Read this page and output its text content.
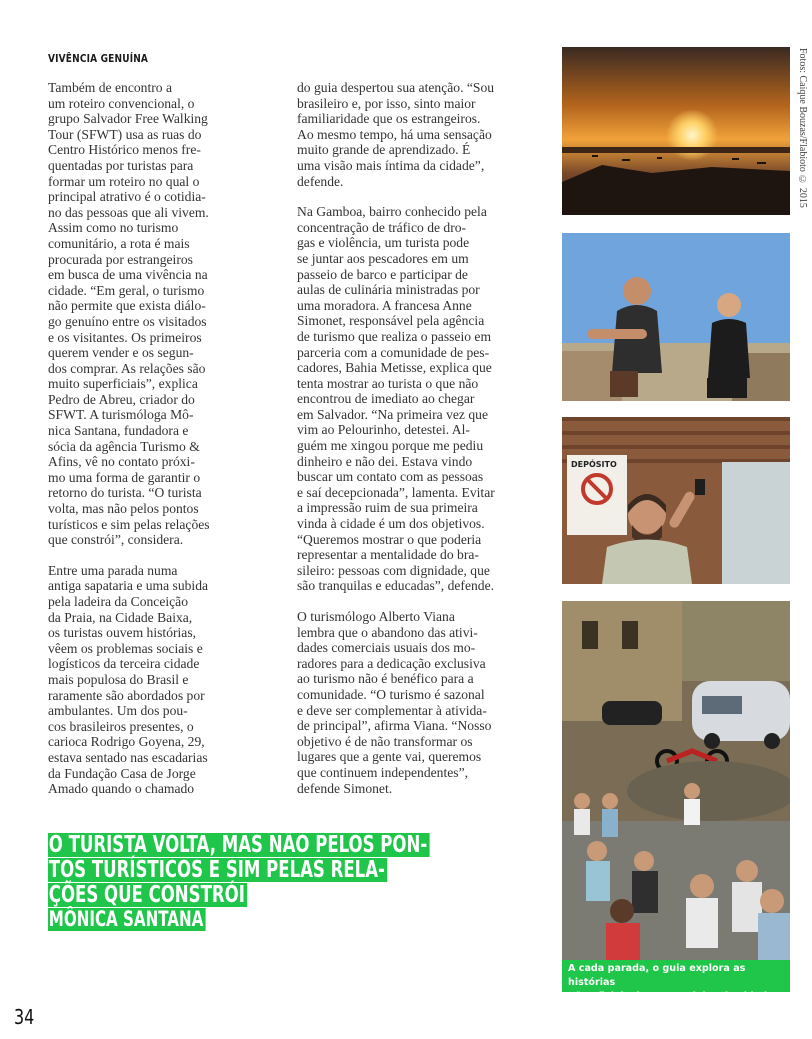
VIVÊNCIA GENUÍNA

Também de encontro a
um roteiro convencional, o
grupo Salvador Free Walking
Tour (SFWT) usa as ruas do
Centro Histórico menos fre-
quentadas por turistas para
formar um roteiro no qual o
principal atrativo é o cotidia-
no das pessoas que ali vivem.
Assim como no turismo
comunitário, a rota é mais
procurada por estrangeiros
em busca de uma vivência na
cidade. “Em geral, o turismo
não permite que exista diálo-
go genuíno entre os visitados
e os visitantes. Os primeiros
querem vender e os segun-
dos comprar. As relações são
muito superficiais”, explica
Pedro de Abreu, criador do
SFWT. A turismóloga Mô-
nica Santana, fundadora e
sócia da agência Turismo &
Afins, vê no contato próxi-
mo uma forma de garantir o
retorno do turista. “O turista
volta, mas não pelos pontos
turísticos e sim pelas relações
que constrói”, considera.

Entre uma parada numa
antiga sapataria e uma subida
pela ladeira da Conceição
da Praia, na Cidade Baixa,
os turistas ouvem histórias,
vêem os problemas sociais e
logísticos da terceira cidade
mais populosa do Brasil e
raramente são abordados por
ambulantes. Um dos pou-
cos brasileiros presentes, o
carioca Rodrigo Goyena, 29,
estava sentado nas escadarias
da Fundação Casa de Jorge
Amado quando o chamado

do guia despertou sua atenção. “Sou
brasileiro e, por isso, sinto maior
familiaridade que os estrangeiros.
Ao mesmo tempo, há uma sensação
muito grande de aprendizado. É
uma visão mais íntima da cidade”,
defende.

Na Gamboa, bairro conhecido pela
concentração de tráfico de dro-
gas e violência, um turista pode
se juntar aos pescadores em um
passeio de barco e participar de
aulas de culinária ministradas por
uma moradora. A francesa Anne
Simonet, responsável pela agência
de turismo que realiza o passeio em
parceria com a comunidade de pes-
cadores, Bahia Metisse, explica que
tenta mostrar ao turista o que não
encontrou de imediato ao chegar
em Salvador. “Na primeira vez que
vim ao Pelourinho, detestei. Al-
guém me xingou porque me pediu
dinheiro e não dei. Estava vindo
buscar um contato com as pessoas
e saí decepcionada”, lamenta. Evitar
a impressão ruim de sua primeira
vinda à cidade é um dos objetivos.
“Queremos mostrar o que poderia
representar a mentalidade do bra-
sileiro: pessoas com dignidade, que
são tranquilas e educadas”, defende.

O turismólogo Alberto Viana
lembra que o abandono das ativi-
dades comerciais usuais dos mo-
radores para a dedicação exclusiva
ao turismo não é benéfico para a
comunidade. “O turismo é sazonal
e deve ser complementar à ativida-
de principal”, afirma Viana. “Nosso
objetivo é de não transformar os
lugares que a gente vai, queremos
que continuem independentes”,
defende Simonet.

O TURISTA VOLTA, MAS NÃO PELOS PON-
TOS TURÍSTICOS E SIM PELAS RELA-
ÇÕES QUE CONSTRÓI
MÔNICA SANTANA
DEPÓSITO
A cada parada, o guia explora as histórias
não oficiais de ruas e vielas da cidade
Fotos: Caique Bouzas/Flabioto © 2015
34
